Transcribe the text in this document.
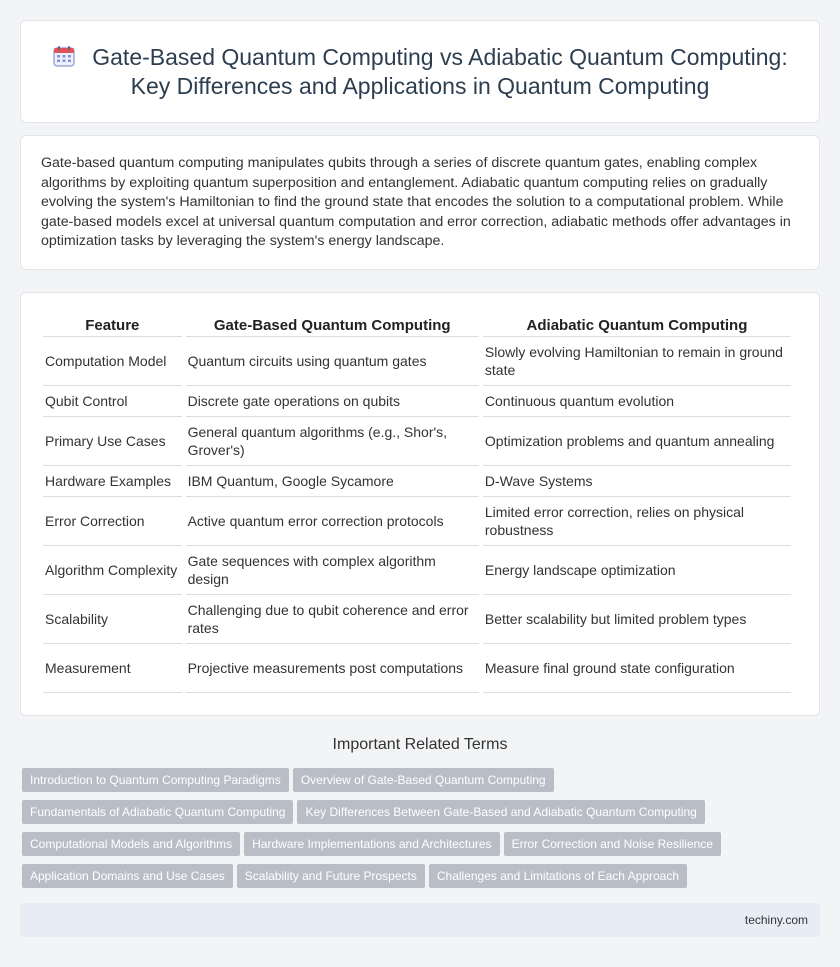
Gate-Based Quantum Computing vs Adiabatic Quantum Computing: Key Differences and Applications in Quantum Computing

Gate-based quantum computing manipulates qubits through a series of discrete quantum gates, enabling complex algorithms by exploiting quantum superposition and entanglement. Adiabatic quantum computing relies on gradually evolving the system's Hamiltonian to find the ground state that encodes the solution to a computational problem. While gate-based models excel at universal quantum computation and error correction, adiabatic methods offer advantages in optimization tasks by leveraging the system's energy landscape.

Feature	Gate-Based Quantum Computing	Adiabatic Quantum Computing
Computation Model	Quantum circuits using quantum gates	Slowly evolving Hamiltonian to remain in ground state
Qubit Control	Discrete gate operations on qubits	Continuous quantum evolution
Primary Use Cases	General quantum algorithms (e.g., Shor's, Grover's)	Optimization problems and quantum annealing
Hardware Examples	IBM Quantum, Google Sycamore	D-Wave Systems
Error Correction	Active quantum error correction protocols	Limited error correction, relies on physical robustness
Algorithm Complexity	Gate sequences with complex algorithm design	Energy landscape optimization
Scalability	Challenging due to qubit coherence and error rates	Better scalability but limited problem types
Measurement	Projective measurements post computations	Measure final ground state configuration
Important Related Terms
Introduction to Quantum Computing Paradigms Overview of Gate-Based Quantum Computing
Fundamentals of Adiabatic Quantum Computing Key Differences Between Gate-Based and Adiabatic Quantum Computing
Computational Models and Algorithms Hardware Implementations and Architectures Error Correction and Noise Resilience
Application Domains and Use Cases Scalability and Future Prospects Challenges and Limitations of Each Approach
techiny.com
